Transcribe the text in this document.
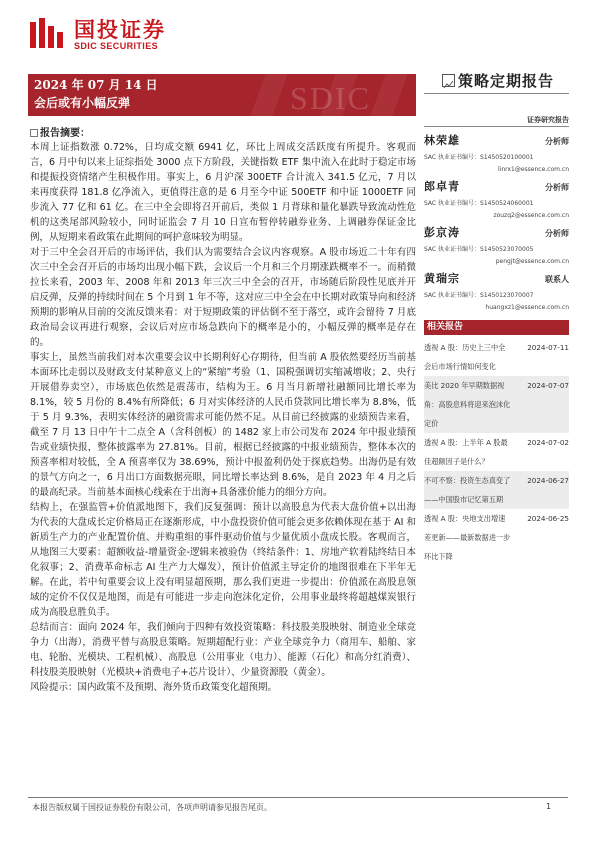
国投证券
SDIC SECURITIES
SDIC
2024 年 07 月 14 日
会后或有小幅反弹
策略定期报告
证券研究报告
报告摘要：

本周上证指数涨 0.72%，日均成交额 6941 亿，环比上周成交活跃度有所提升。客观而言，6 月中旬以来上证综指处 3000 点下方阶段，关键指数 ETF 集中流入在此时于稳定市场和提振投资情绪产生积极作用。事实上，6 月沪深 300ETF 合计流入 341.5 亿元，7 月以来再度获得 181.8 亿净流入，更值得注意的是 6 月至今中证 500ETF 和中证 1000ETF 同步流入 77 亿和 61 亿。在三中全会即将召开前后，类似 1 月背球和量化暴跌导致流动性危机的这类尾部风险较小，同时证监会 7 月 10 日宣布暂停转融券业务、上调融券保证金比例，从短期来看政策在此期间的呵护意味较为明显。

对于三中全会召开后的市场评估，我们认为需要结合会议内容观察。A 股市场近二十年有四次三中全会召开后的市场均出现小幅下跌，会议后一个月和三个月期涨跌概率不一。而稍微拉长来看，2003 年、2008 年和 2013 年三次三中全会的召开，市场随后阶段性见底并开启反弹，反弹的持续时间在 5 个月到 1 年不等，这对应三中全会在中长期对政策导向和经济预期的影响从目前的交流反馈来看：对于短期政策的评估倒不至于落空，或许会留待 7 月底政治局会议再进行观察，会议后对应市场急跌向下的概率是小的，小幅反弹的概率是存在的。

事实上，虽然当前我们对本次重要会议中长期利好心存期待，但当前 A 股依然要经历当前基本面环比走弱以及财政支付某种意义上的“紧缩”考验（1、国税强调切实缩减增收；2、央行开展借券卖空），市场底色依然是震荡市，结构为王。6 月当月新增社融额同比增长率为 8.1%，较 5 月份的 8.4%有所降低；6 月对实体经济的人民币贷款同比增长率为 8.8%，低于 5 月 9.3%，表明实体经济的融资需求可能仍然不足。从目前已经披露的业绩预告来看，截至 7 月 13 日中午十二点全 A（含科创板）的 1482 家上市公司发布 2024 年中报业绩预告或业绩快报，整体披露率为 27.81%。目前，根据已经披露的中报业绩预告，整体本次的预喜率相对较低，全 A 预喜率仅为 38.69%，预计中报盈利仍处于探底趋势。出海仍是有效的景气方向之一，6 月出口方面数据亮眼，同比增长率达到 8.6%，是自 2023 年 4 月之后的最高纪录。当前基本面核心线索在于出海+具备涨价能力的细分方向。

结构上，在强监管+价值派地图下，我们反复强调：预计以高股息为代表大盘价值+以出海为代表的大盘成长定价格局正在逐渐形成，中小盘投资价值可能会更多依赖体现在基于 AI 和新质生产力的产业配置价值、并购重组的事件驱动价值与少量优质小盘成长股。客观而言，从地图三大要素：超额收益-增量资金-逻辑来被验伪（终结条件：1、房地产软着陆终结日本化叙事；2、消费革命标志 AI 生产力大爆发），预计价值派主导定价的地图很难在下半年无解。在此，若中旬重要会议上没有明显超预期，那么我们更进一步提出：价值派在高股息领域的定价不仅仅是地图，而是有可能进一步走向泡沫化定价，公用事业最终将超越煤炭银行成为高股息胜负手。

总结而言：面向 2024 年，我们倾向于四种有效投资策略：科技股美股映射、制造业全球竞争力（出海），消费平替与高股息策略。短期超配行业：产业全球竞争力（商用车、船舶、家电、轮胎、光模块、工程机械）、高股息（公用事业（电力）、能源（石化）和高分红消费）、科技股美股映射（光模块+消费电子+芯片设计）、少量资源股（黄金）。

风险提示：国内政策不及预期、海外货币政策变化超预期。

林荣雄	分析师
SAC 执业证书编号：S1450520100001
linrx1@essence.com.cn
郎卓青	分析师
SAC 执业证书编号：S1450524060001
zouzq2@essence.com.cn
彭京涛	分析师
SAC 执业证书编号：S1450523070005
pengjt@essence.com.cn
黄瑞宗	联系人
SAC 执业证书编号：S1450123070007
huangxz1@essence.com.cn
相关报告
透视 A 股：历史上三中全会后市场行情如何变化
2024-07-11
美比 2020 年早期数据视角：高股息料将迎来泡沫化定价
2024-07-07
透视 A 股：上半年 A 股最佳超额因子是什么？
2024-07-02
不可不察：投资生态真变了——中国股市记忆第五期
2024-06-27
透视 A 股：央地支出增速差更新——最新数据进一步环比下降
2024-06-25
本报告版权属于国投证券股份有限公司，各项声明请参见报告尾页。	1
